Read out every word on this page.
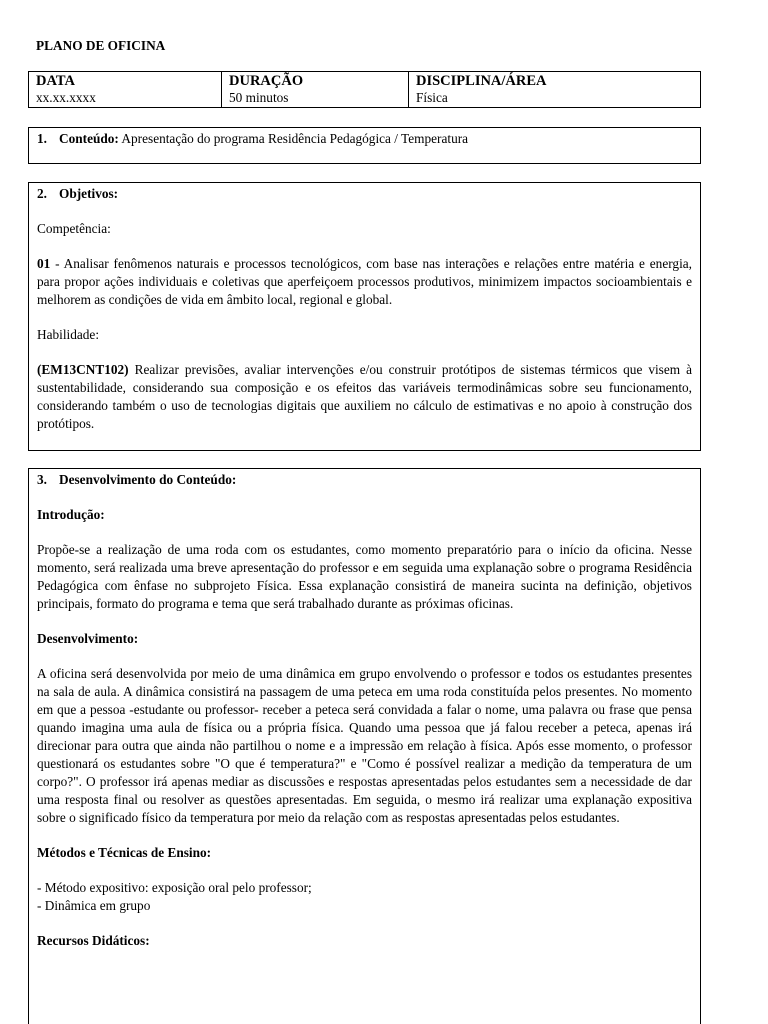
PLANO DE OFICINA
DATA
xx.xx.xxxx
DURAÇÃO
50 minutos
DISCIPLINA/ÁREA
Física

1. Conteúdo: Apresentação do programa Residência Pedagógica / Temperatura

2. Objetivos:

Competência:

01 - Analisar fenômenos naturais e processos tecnológicos, com base nas interações e relações entre matéria e energia, para propor ações individuais e coletivas que aperfeiçoem processos produtivos, minimizem impactos socioambientais e melhorem as condições de vida em âmbito local, regional e global.

Habilidade:

(EM13CNT102) Realizar previsões, avaliar intervenções e/ou construir protótipos de sistemas térmicos que visem à sustentabilidade, considerando sua composição e os efeitos das variáveis termodinâmicas sobre seu funcionamento, considerando também o uso de tecnologias digitais que auxiliem no cálculo de estimativas e no apoio à construção dos protótipos.

3. Desenvolvimento do Conteúdo:

Introdução:

Propõe-se a realização de uma roda com os estudantes, como momento preparatório para o início da oficina. Nesse momento, será realizada uma breve apresentação do professor e em seguida uma explanação sobre o programa Residência Pedagógica com ênfase no subprojeto Física. Essa explanação consistirá de maneira sucinta na definição, objetivos principais, formato do programa e tema que será trabalhado durante as próximas oficinas.

Desenvolvimento:

A oficina será desenvolvida por meio de uma dinâmica em grupo envolvendo o professor e todos os estudantes presentes na sala de aula. A dinâmica consistirá na passagem de uma peteca em uma roda constituída pelos presentes. No momento em que a pessoa -estudante ou professor- receber a peteca será convidada a falar o nome, uma palavra ou frase que pensa quando imagina uma aula de física ou a própria física. Quando uma pessoa que já falou receber a peteca, apenas irá direcionar para outra que ainda não partilhou o nome e a impressão em relação à física. Após esse momento, o professor questionará os estudantes sobre "O que é temperatura?" e "Como é possível realizar a medição da temperatura de um corpo?". O professor irá apenas mediar as discussões e respostas apresentadas pelos estudantes sem a necessidade de dar uma resposta final ou resolver as questões apresentadas. Em seguida, o mesmo irá realizar uma explanação expositiva sobre o significado físico da temperatura por meio da relação com as respostas apresentadas pelos estudantes.

Métodos e Técnicas de Ensino:

- Método expositivo: exposição oral pelo professor;

- Dinâmica em grupo

Recursos Didáticos:
